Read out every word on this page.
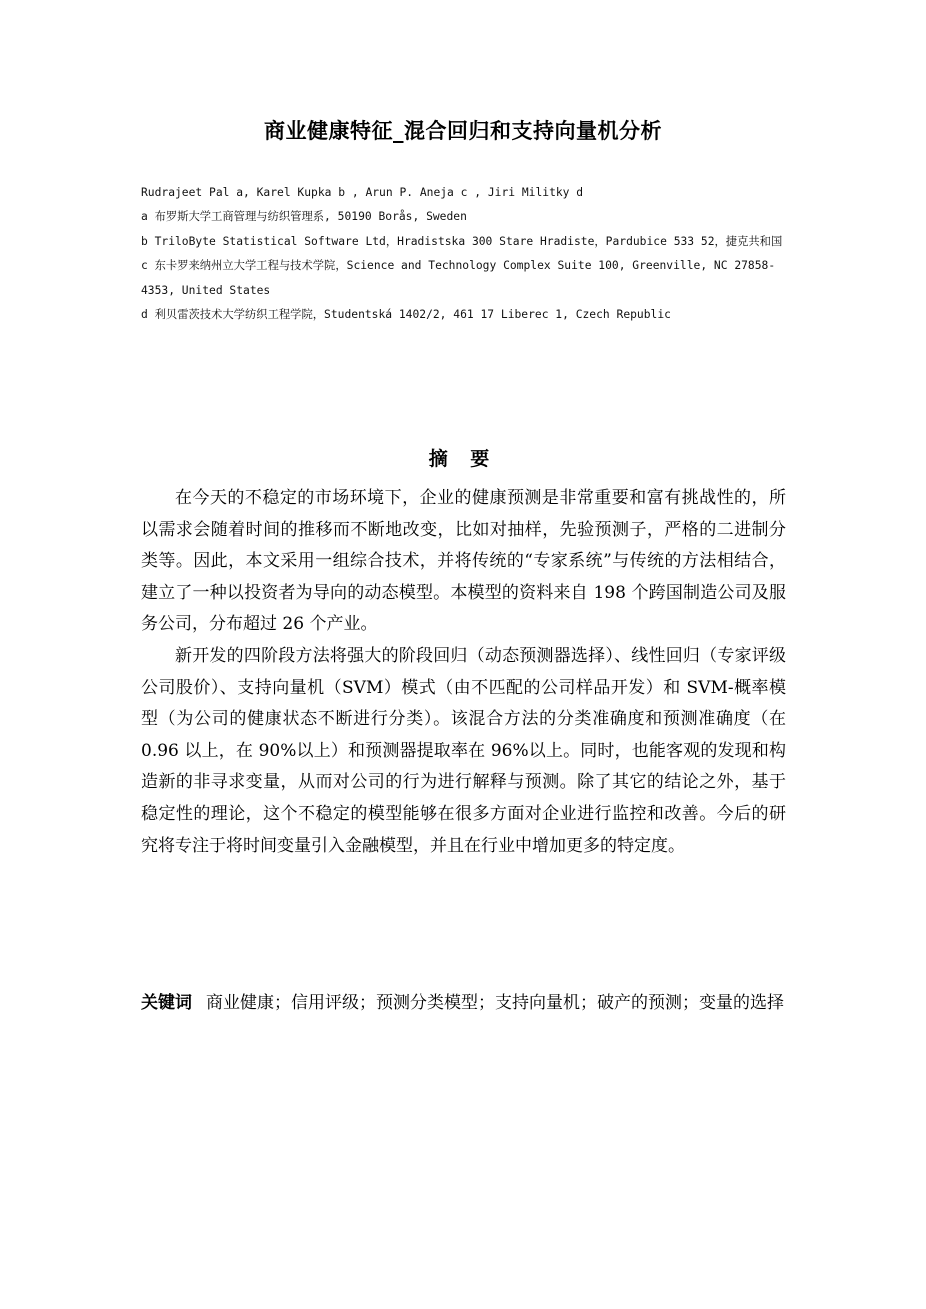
商业健康特征_混合回归和支持向量机分析
Rudrajeet Pal a, Karel Kupka b , Arun P. Aneja c , Jiri Militky d
a 布罗斯大学工商管理与纺织管理系, 50190 Borås, Sweden
b TriloByte Statistical Software Ltd，Hradistska 300 Stare Hradiste，Pardubice 533 52，捷克共和国
c 东卡罗来纳州立大学工程与技术学院，Science and Technology Complex Suite 100, Greenville, NC 27858-4353, United States
d 利贝雷茨技术大学纺织工程学院，Studentská 1402/2, 461 17 Liberec 1, Czech Republic
摘 要

在今天的不稳定的市场环境下，企业的健康预测是非常重要和富有挑战性的，所以需求会随着时间的推移而不断地改变，比如对抽样，先验预测子，严格的二进制分类等。因此，本文采用一组综合技术，并将传统的“专家系统”与传统的方法相结合，建立了一种以投资者为导向的动态模型。本模型的资料来自 198 个跨国制造公司及服务公司，分布超过 26 个产业。

新开发的四阶段方法将强大的阶段回归（动态预测器选择）、线性回归（专家评级公司股价）、支持向量机（SVM）模式（由不匹配的公司样品开发）和 SVM-概率模型（为公司的健康状态不断进行分类）。该混合方法的分类准确度和预测准确度（在 0.96 以上，在 90%以上）和预测器提取率在 96%以上。同时，也能客观的发现和构造新的非寻求变量，从而对公司的行为进行解释与预测。除了其它的结论之外，基于稳定性的理论，这个不稳定的模型能够在很多方面对企业进行监控和改善。今后的研究将专注于将时间变量引入金融模型，并且在行业中增加更多的特定度。

关键词 商业健康；信用评级；预测分类模型；支持向量机；破产的预测；变量的选择
